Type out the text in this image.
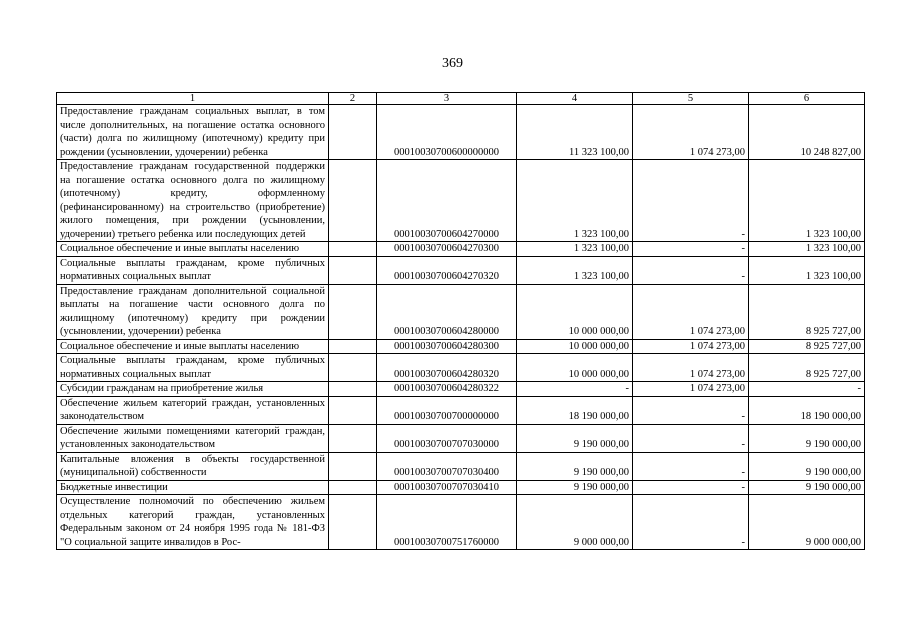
369
1	2	3	4	5	6
Предоставление гражданам социальных выплат, в том числе дополнительных, на погашение остатка основного (части) долга по жилищному (ипотечному) кредиту при рождении (усыновлении, удочерении) ребенка		00010030700600000000	11 323 100,00	1 074 273,00	10 248 827,00
Предоставление гражданам государственной поддержки на погашение остатка основного долга по жилищному (ипотечному) кредиту, оформленному (рефинансированному) на строительство (приобретение) жилого помещения, при рождении (усыновлении, удочерении) третьего ребенка или последующих детей		00010030700604270000	1 323 100,00	-	1 323 100,00
Социальное обеспечение и иные выплаты населению		00010030700604270300	1 323 100,00	-	1 323 100,00
Социальные выплаты гражданам, кроме публичных нормативных социальных выплат		00010030700604270320	1 323 100,00	-	1 323 100,00
Предоставление гражданам дополнительной социальной выплаты на погашение части основного долга по жилищному (ипотечному) кредиту при рождении (усыновлении, удочерении) ребенка		00010030700604280000	10 000 000,00	1 074 273,00	8 925 727,00
Социальное обеспечение и иные выплаты населению		00010030700604280300	10 000 000,00	1 074 273,00	8 925 727,00
Социальные выплаты гражданам, кроме публичных нормативных социальных выплат		00010030700604280320	10 000 000,00	1 074 273,00	8 925 727,00
Субсидии гражданам на приобретение жилья		00010030700604280322	-	1 074 273,00	-
Обеспечение жильем категорий граждан, установленных законодательством		00010030700700000000	18 190 000,00	-	18 190 000,00
Обеспечение жилыми помещениями категорий граждан, установленных законодательством		00010030700707030000	9 190 000,00	-	9 190 000,00
Капитальные вложения в объекты государственной (муниципальной) собственности		00010030700707030400	9 190 000,00	-	9 190 000,00
Бюджетные инвестиции		00010030700707030410	9 190 000,00	-	9 190 000,00
Осуществление полномочий по обеспечению жильем отдельных категорий граждан, установленных Федеральным законом от 24 ноября 1995 года № 181-ФЗ "О социальной защите инвалидов в Рос-		00010030700751760000	9 000 000,00	-	9 000 000,00
